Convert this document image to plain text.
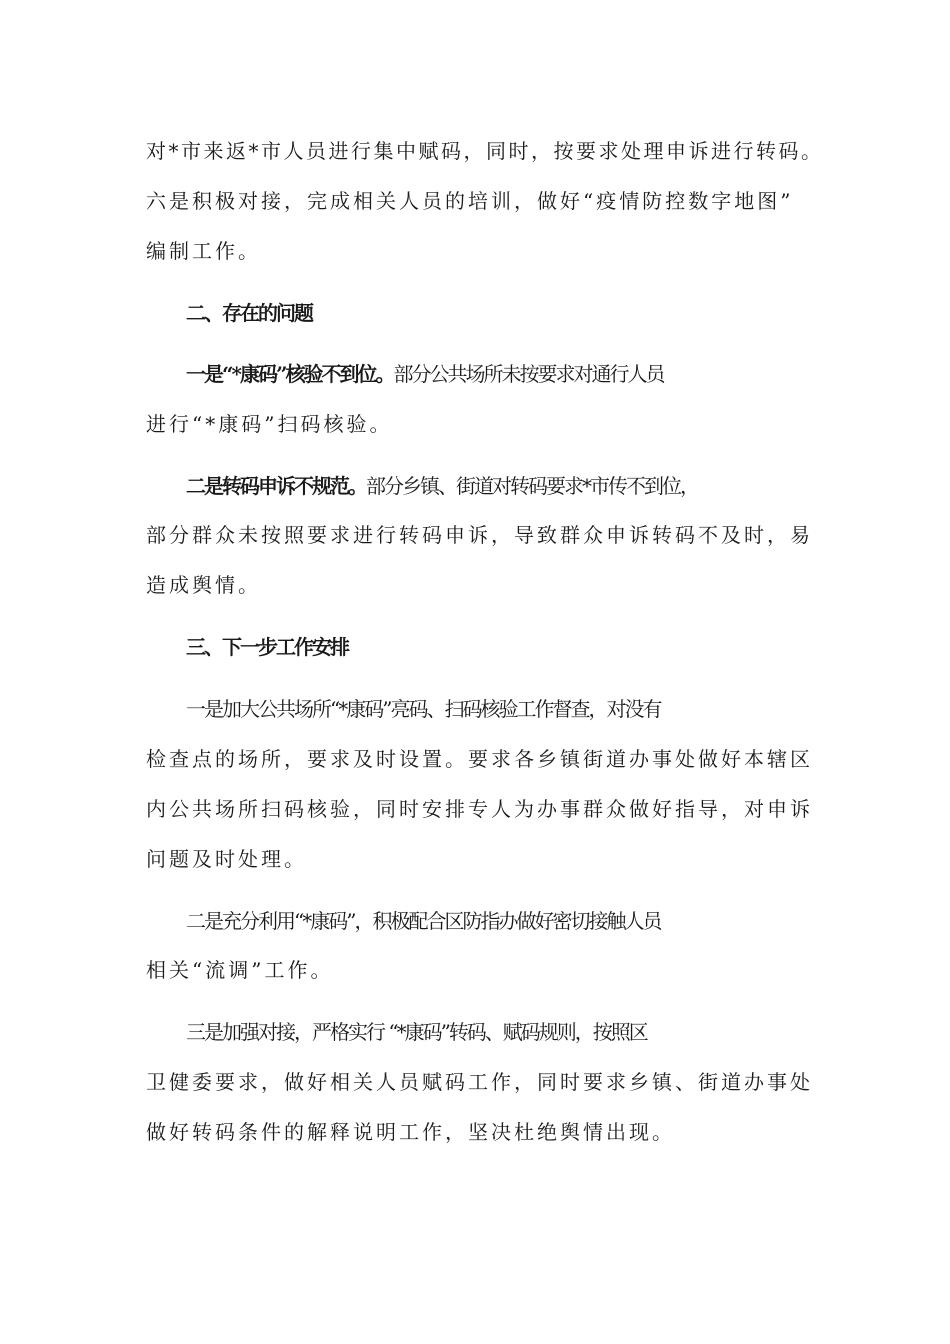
对*市来返*市人员进行集中赋码，同时，按要求处理申诉进行转码。
六是积极对接，完成相关人员的培训，做好“疫情防控数字地图”
编制工作。
二、存在的问题
一是“*康码”核验不到位。部分公共场所未按要求对通行人员
进行“*康码”扫码核验。
二是转码申诉不规范。部分乡镇、街道对转码要求*市传不到位，
部分群众未按照要求进行转码申诉，导致群众申诉转码不及时，易
造成舆情。
三、下一步工作安排
一是加大公共场所“*康码”亮码、扫码核验工作督查，对没有
检查点的场所，要求及时设置。要求各乡镇街道办事处做好本辖区
内公共场所扫码核验，同时安排专人为办事群众做好指导，对申诉
问题及时处理。
二是充分利用“*康码”，积极配合区防指办做好密切接触人员
相关“流调”工作。
三是加强对接，严格实行 “*康码”转码、赋码规则，按照区
卫健委要求，做好相关人员赋码工作，同时要求乡镇、街道办事处
做好转码条件的解释说明工作，坚决杜绝舆情出现。
